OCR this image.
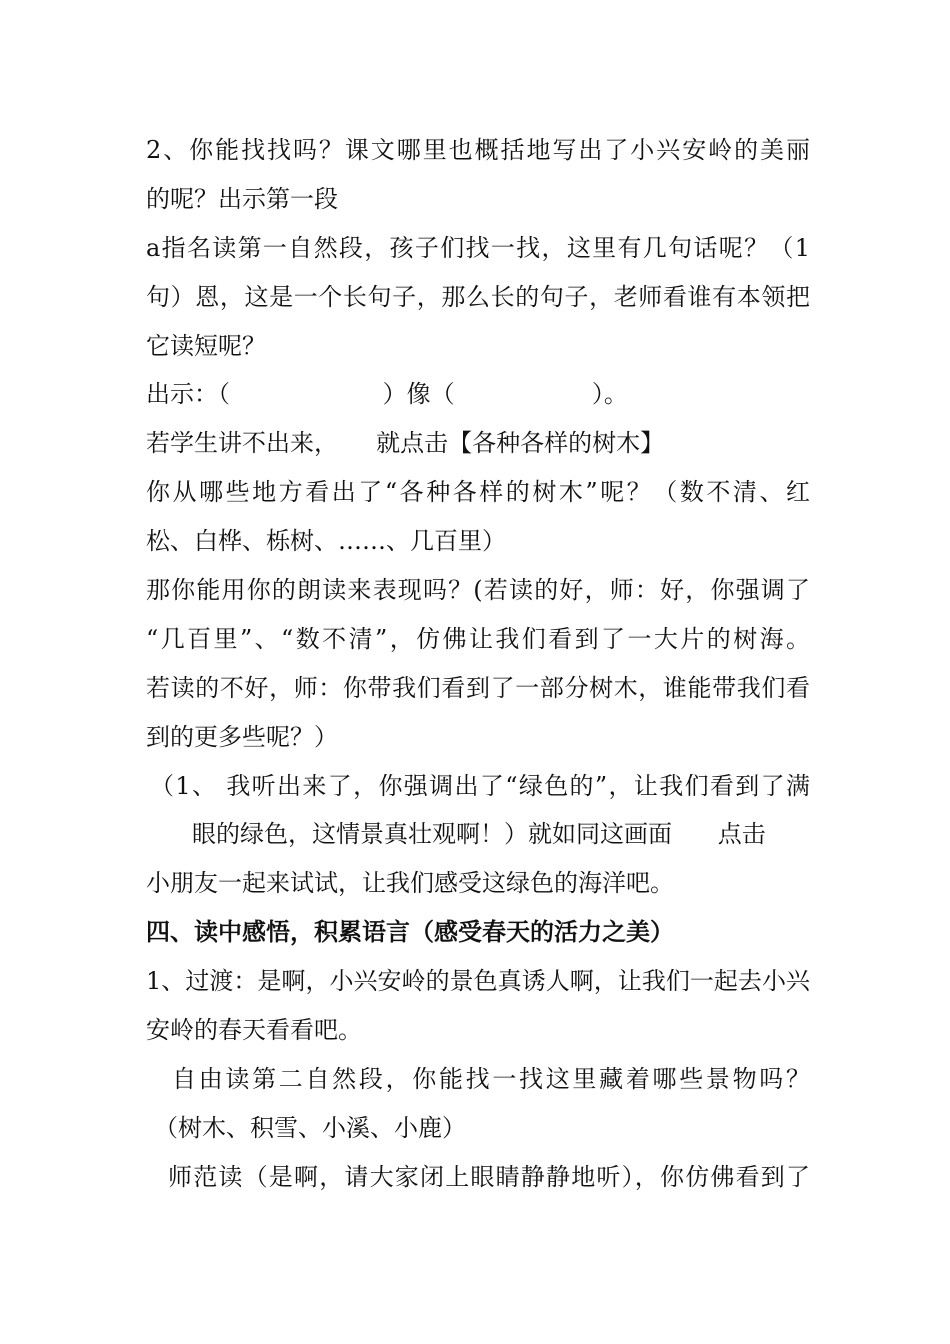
2、你能找找吗？课文哪里也概括地写出了小兴安岭的美丽
的呢？出示第一段
a指名读第一自然段，孩子们找一找，这里有几句话呢？（1
句）恩，这是一个长句子，那么长的句子，老师看谁有本领把
它读短呢？
出示：（                    ）像（                  ）。
若学生讲不出来，     就点击【各种各样的树木】
你从哪些地方看出了“各种各样的树木”呢？（数不清、红
松、白桦、栎树、……、几百里）
那你能用你的朗读来表现吗？(若读的好，师：好，你强调了
“几百里”、“数不清”，仿佛让我们看到了一大片的树海。
若读的不好，师：你带我们看到了一部分树木，谁能带我们看
到的更多些呢？）
（1、 我听出来了，你强调出了“绿色的”，让我们看到了满
眼的绿色，这情景真壮观啊！）就如同这画面      点击
小朋友一起来试试，让我们感受这绿色的海洋吧。
四、读中感悟，积累语言（感受春天的活力之美）
1、过渡：是啊，小兴安岭的景色真诱人啊，让我们一起去小兴
安岭的春天看看吧。
自由读第二自然段，你能找一找这里藏着哪些景物吗？
（树木、积雪、小溪、小鹿）
师范读（是啊，请大家闭上眼睛静静地听），你仿佛看到了
